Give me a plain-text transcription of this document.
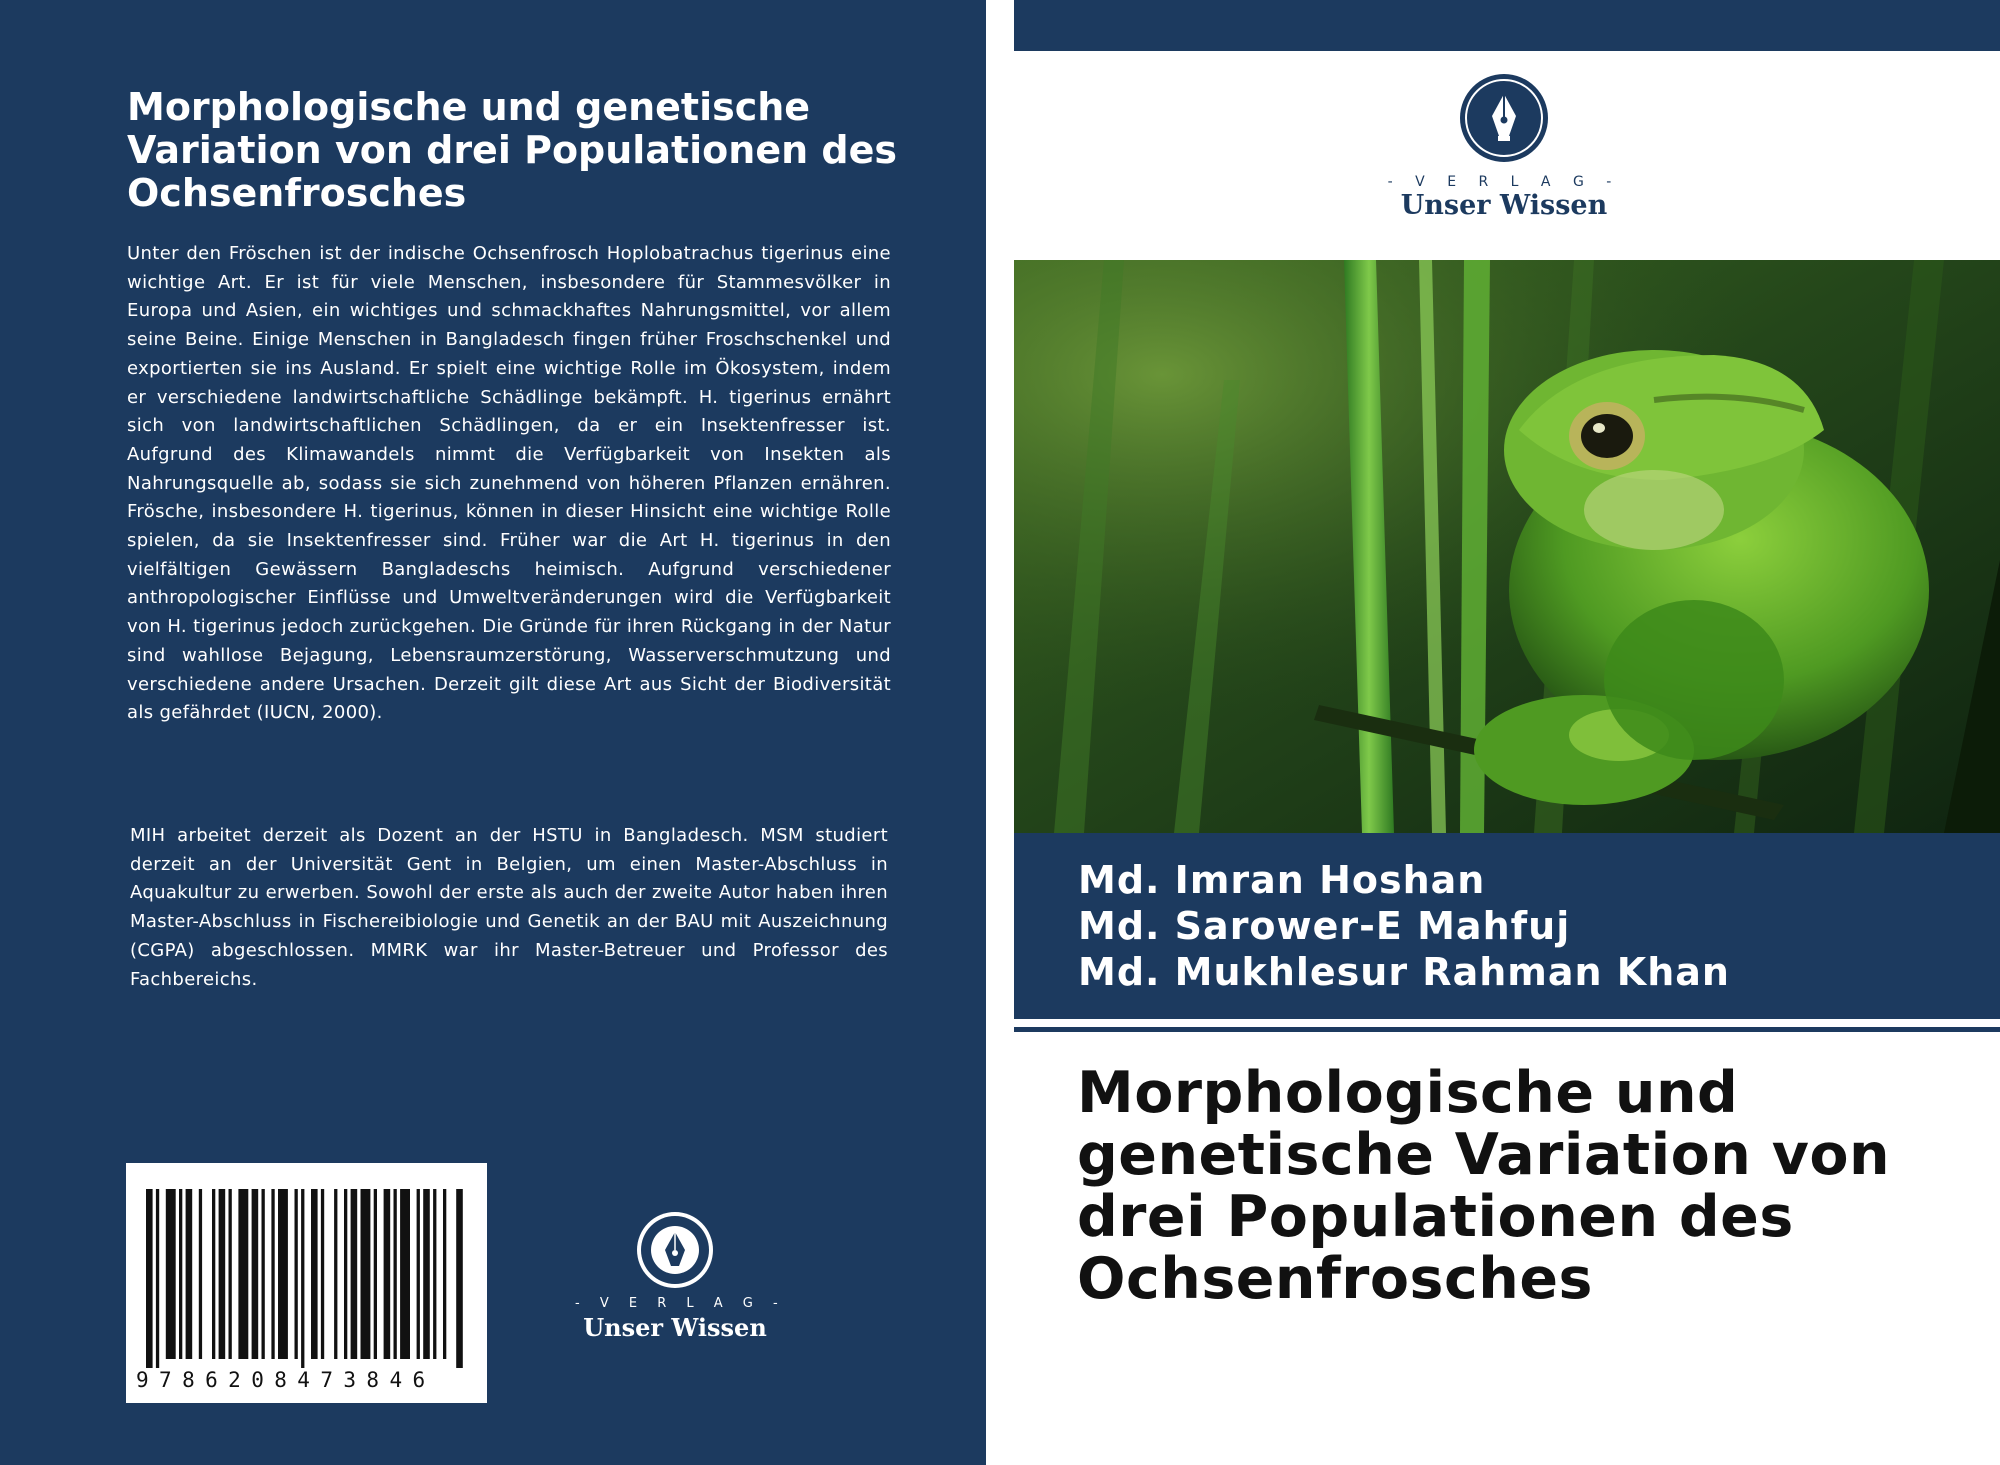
Morphologische und genetische Variation von drei Populationen des Ochsenfrosches

Unter den Fröschen ist der indische Ochsenfrosch Hoplobatrachus tigerinus eine wichtige Art. Er ist für viele Menschen, insbesondere für Stammesvölker in Europa und Asien, ein wichtiges und schmackhaftes Nahrungsmittel, vor allem seine Beine. Einige Menschen in Bangladesch fingen früher Froschschenkel und exportierten sie ins Ausland. Er spielt eine wichtige Rolle im Ökosystem, indem er verschiedene landwirtschaftliche Schädlinge bekämpft. H. tigerinus ernährt sich von landwirtschaftlichen Schädlingen, da er ein Insektenfresser ist. Aufgrund des Klimawandels nimmt die Verfügbarkeit von Insekten als Nahrungsquelle ab, sodass sie sich zunehmend von höheren Pflanzen ernähren. Frösche, insbesondere H. tigerinus, können in dieser Hinsicht eine wichtige Rolle spielen, da sie Insektenfresser sind. Früher war die Art H. tigerinus in den vielfältigen Gewässern Bangladeschs heimisch. Aufgrund verschiedener anthropologischer Einflüsse und Umweltveränderungen wird die Verfügbarkeit von H. tigerinus jedoch zurückgehen. Die Gründe für ihren Rückgang in der Natur sind wahllose Bejagung, Lebensraumzerstörung, Wasserverschmutzung und verschiedene andere Ursachen. Derzeit gilt diese Art aus Sicht der Biodiversität als gefährdet (IUCN, 2000).

MIH arbeitet derzeit als Dozent an der HSTU in Bangladesch. MSM studiert derzeit an der Universität Gent in Belgien, um einen Master-Abschluss in Aquakultur zu erwerben. Sowohl der erste als auch der zweite Autor haben ihren Master-Abschluss in Fischereibiologie und Genetik an der BAU mit Auszeichnung (CGPA) abgeschlossen. MMRK war ihr Master-Betreuer und Professor des Fachbereichs.

9786208473846
- V E R L A G -
Unser Wissen
- V E R L A G -
Unser Wissen
Md. Imran Hoshan
Md. Sarower-E Mahfuj
Md. Mukhlesur Rahman Khan
Morphologische und genetische Variation von drei Populationen des Ochsenfrosches
